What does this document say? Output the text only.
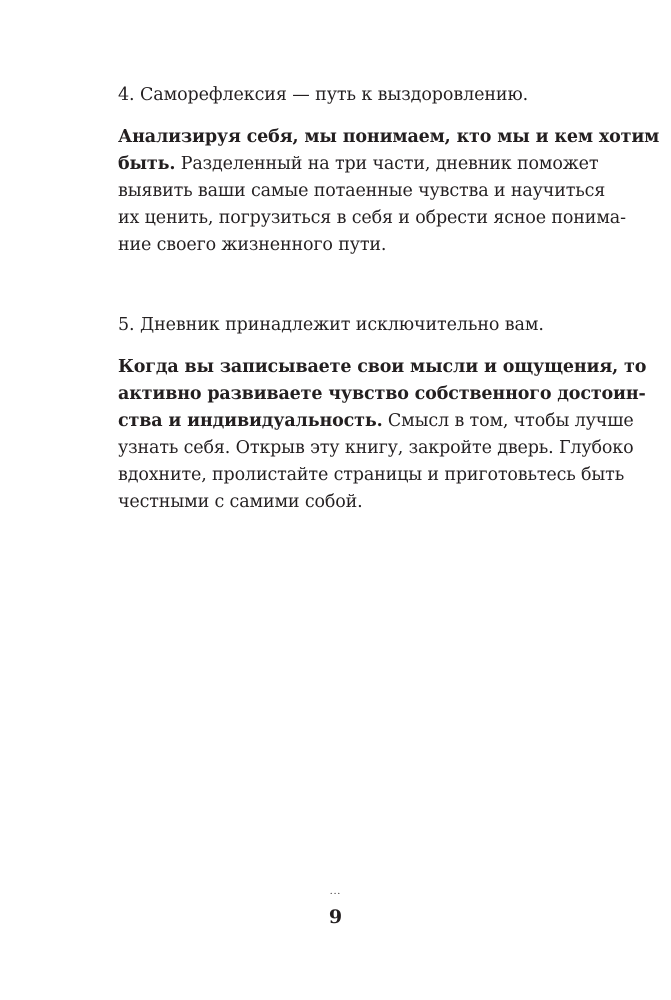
4. Саморефлексия — путь к выздоровлению.

Анализируя себя, мы понимаем, кто мы и кем хотим
быть. Разделенный на три части, дневник поможет
выявить ваши самые потаенные чувства и научиться
их ценить, погрузиться в себя и обрести ясное понима-
ние своего жизненного пути.

5. Дневник принадлежит исключительно вам.

Когда вы записываете свои мысли и ощущения, то
активно развиваете чувство собственного достоин-
ства и индивидуальность. Смысл в том, чтобы лучше
узнать себя. Открыв эту книгу, закройте дверь. Глубоко
вдохните, пролистайте страницы и приготовьтесь быть
честными с самими собой.

...
9
